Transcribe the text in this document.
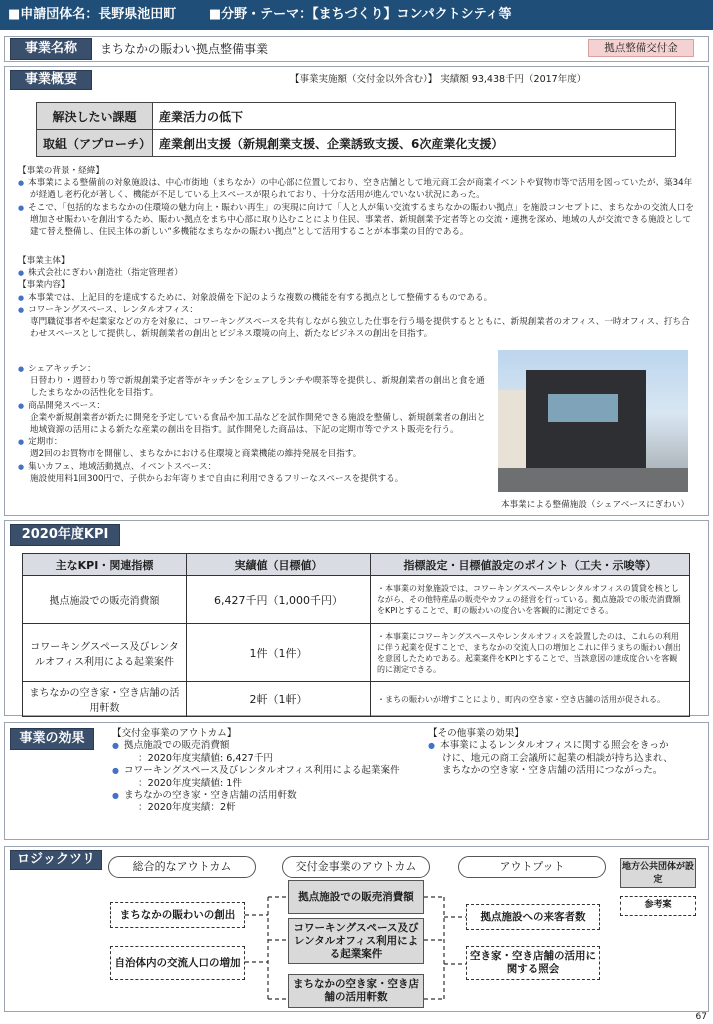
■申請団体名：長野県池田町	■分野・テーマ：【まちづくり】コンパクトシティ等
事業名称	まちなかの賑わい拠点整備事業	拠点整備交付金
事業概要	【事業実施額（交付金以外含む）】 実績額 93,438千円（2017年度）
解決したい課題	産業活力の低下
取組（アプローチ）	産業創出支援（新規創業支援、企業誘致支援、6次産業化支援）
【事業の背景・経緯】
● 本事業による整備前の対象施設は、中心市街地（まちなか）の中心部に位置しており、空き店舗として地元商工会が商業イベントや貿物市等で活用を図っていたが、築34年が経過し老朽化が著しく、機能が不足している上スペースが限られており、十分な活用が進んでいない状況にあった。
● そこで、「包括的なまちなかの住環境の魅力向上・賑わい再生」の実現に向けて「人と人が集い交流するまちなかの賑わい拠点」を施設コンセプトに、まちなかの交流人口を増加させ賑わいを創出するため、賑わい拠点をまち中心部に取り込むことにより住民、事業者、新規創業予定者等との交流・連携を深め、地域の人が交流できる施設として建て替え整備し、住民主体の新しい“多機能なまちなかの賑わい拠点”として活用することが本事業の目的である。
【事業主体】
● 株式会社にぎわい創造社（指定管理者）
【事業内容】
● 本事業では、上記目的を達成するために、対象設備を下記のような複数の機能を有する拠点として整備するものである。
● コワーキングスペース、レンタルオフィス：
専門職従事者や起業家などの方を対象に、コワーキングスペースを共有しながら独立した仕事を行う場を提供するとともに、新規創業者のオフィス、一時オフィス、打ち合わせスペースとして提供し、新規創業者の創出とビジネス環境の向上、新たなビジネスの創出を目指す。
● シェアキッチン：
日替わり・週替わり等で新規創業予定者等がキッチンをシェアしランチや喫茶等を提供し、新規創業者の創出と食を通したまちなかの活性化を目指す。
● 商品開発スペース：
企業や新規創業者が新たに開発を予定している食品や加工品などを試作開発できる施設を整備し、新規創業者の創出と地域資源の活用による新たな産業の創出を目指す。試作開発した商品は、下記の定期市等でテスト販売を行う。
● 定期市：
週2回のお買物市を開催し、まちなかにおける住環境と商業機能の維持発展を目指す。
● 集いカフェ、地域活動拠点、イベントスペース：
施設使用料1回300円で、子供からお年寄りまで自由に利用できるフリーなスペースを提供する。
本事業による整備施設（シェアベースにぎわい）
2020年度KPI
主なKPI・関連指標	実績値（目標値）	指標設定・目標値設定のポイント（工夫・示唆等）
拠点施設での販売消費額	6,427千円（1,000千円）	・本事業の対象施設では、コワーキングスペースやレンタルオフィスの賃貸を核としながら、その他特産品の販売やカフェの経営を行っている。拠点施設での販売消費額をKPIとすることで、町の賑わいの度合いを客観的に測定できる。
コワーキングスペース及びレンタルオフィス利用による起業案件	1件（1件）	・本事業にコワーキングスペースやレンタルオフィスを設置したのは、これらの利用に伴う起業を促すことで、まちなかの交流人口の増加とこれに伴うまちの賑わい創出を意図したためである。起業案件をKPIとすることで、当該意図の達成度合いを客観的に測定できる。
まちなかの空き家・空き店舗の活用軒数	2軒（1軒）	・まちの賑わいが増すことにより、町内の空き家・空き店舗の活用が促される。
事業の効果	【交付金事業のアウトカム】
● 拠点施設での販売消費額
：2020年度実績値: 6,427千円
● コワーキングスペース及びレンタルオフィス利用による起業案件
：2020年度実績値: 1件
● まちなかの空き家・空き店舗の活用軒数
：2020年度実績：2軒
【その他事業の効果】
● 本事業によるレンタルオフィスに関する照会をきっかけに、地元の商工会議所に起業の相談が持ち込まれ、まちなかの空き家・空き店舗の活用につながった。
ロジックツリー
総合的なアウトカム	交付金事業のアウトカム	アウトプット
まちなかの賑わいの創出
自治体内の交流人口の増加
拠点施設での販売消費額
コワーキングスペース及びレンタルオフィス利用による起業案件
まちなかの空き家・空き店舗の活用軒数
拠点施設への来客者数
空き家・空き店舗の活用に関する照会
地方公共団体が設定
参考案
67
